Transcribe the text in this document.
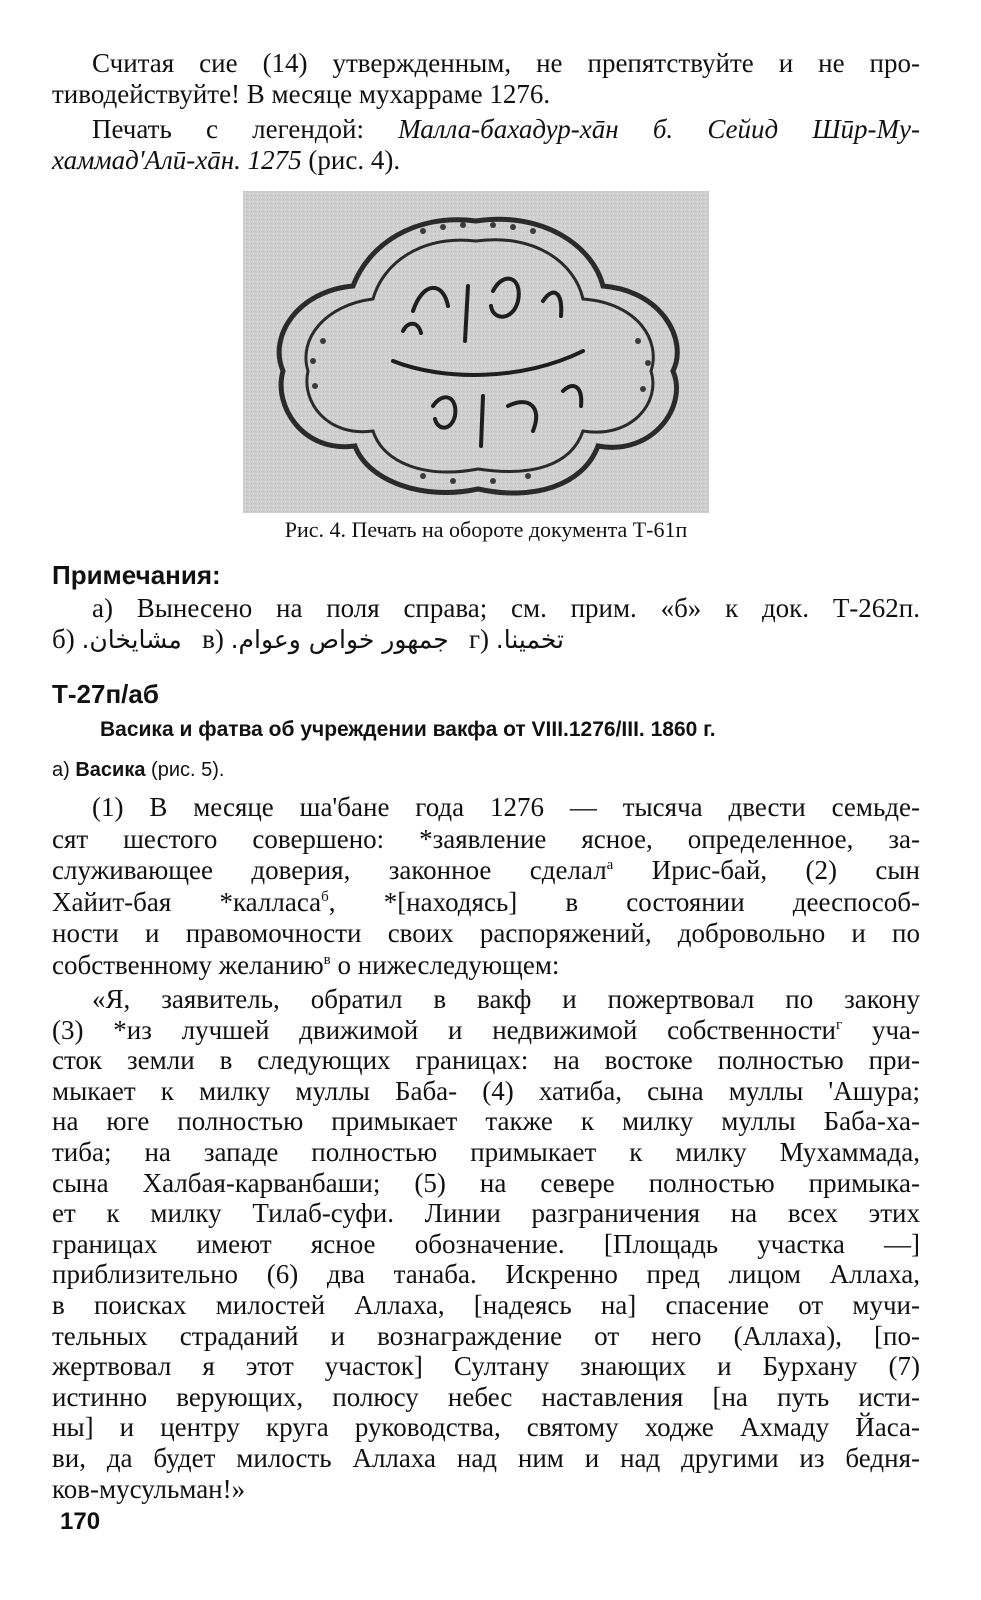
Считая сие (14) утвержденным, не препятствуйте и не про-
тиводействуйте! В месяце мухарраме 1276.
Печать с легендой: Малла-бахадур-хāн б. Сейид Шӣр-Му-
хаммад'Алӣ-хāн. 1275 (рис. 4).
Рис. 4. Печать на обороте документа Т-61п
Примечания:
а) Вынесено на поля справа; см. прим. «б» к док. Т-262п.
б) مشايخان. в) جمهور خواص وعوام. г) تخمينا.
Т-27п/аб
Васика и фатва об учреждении вакфа от VIII.1276/III. 1860 г.
а) Васика (рис. 5).
(1) В месяце ша'бане года 1276 — тысяча двести семьде-
сят шестого совершено: *заявление ясное, определенное, за-
служивающее доверия, законное сделал$^а$ Ирис-бай, (2) сын
Хайит-бая *калласа$^б$, *[находясь] в состоянии дееспособ-
ности и правомочности своих распоряжений, добровольно и по
собственному желанию$^в$ о нижеследующем:
«Я, заявитель, обратил в вакф и пожертвовал по закону
(3) *из лучшей движимой и недвижимой собственности$^г$ уча-
сток земли в следующих границах: на востоке полностью при-
мыкает к милку муллы Баба- (4) хатиба, сына муллы 'Ашура;
на юге полностью примыкает также к милку муллы Баба-ха-
тиба; на западе полностью примыкает к милку Мухаммада,
сына Халбая-карванбаши; (5) на севере полностью примыка-
ет к милку Тилаб-суфи. Линии разграничения на всех этих
границах имеют ясное обозначение. [Площадь участка —]
приблизительно (6) два танаба. Искренно пред лицом Аллаха,
в поисках милостей Аллаха, [надеясь на] спасение от мучи-
тельных страданий и вознаграждение от него (Аллаха), [по-
жертвовал я этот участок] Султану знающих и Бурхану (7)
истинно верующих, полюсу небес наставления [на путь исти-
ны] и центру круга руководства, святому ходже Ахмаду Йаса-
ви, да будет милость Аллаха над ним и над другими из бедня-
ков-мусульман!»
170
